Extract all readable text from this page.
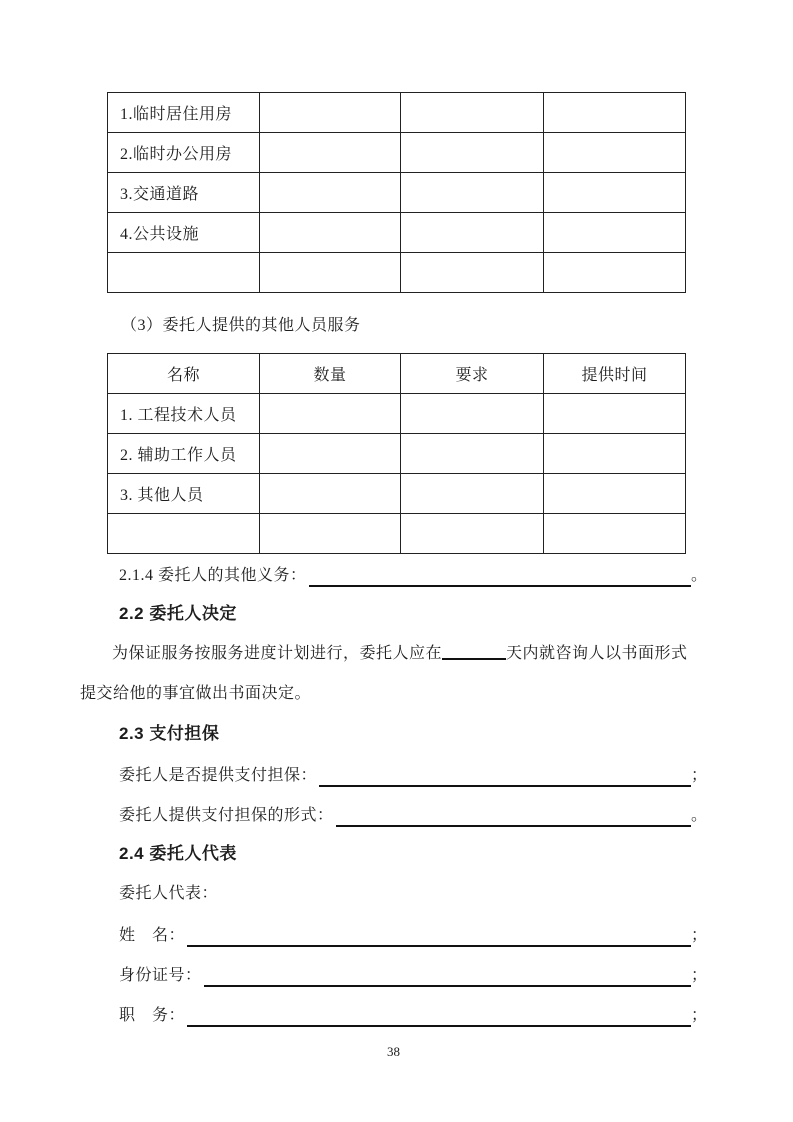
1.临时居住用房			
2.临时办公用房			
3.交通道路			
4.公共设施			

（3）委托人提供的其他人员服务
名称	数量	要求	提供时间
1. 工程技术人员			
2. 辅助工作人员			
3. 其他人员			

2.1.4 委托人的其他义务：	。
2.2 委托人决定
为保证服务按服务进度计划进行，委托人应在	天内就咨询人以书面形式
提交给他的事宜做出书面决定。
2.3 支付担保
委托人是否提供支付担保：	；
委托人提供支付担保的形式：	。
2.4 委托人代表
委托人代表：
姓　名：	；
身份证号：	；
职　务：	；
38
